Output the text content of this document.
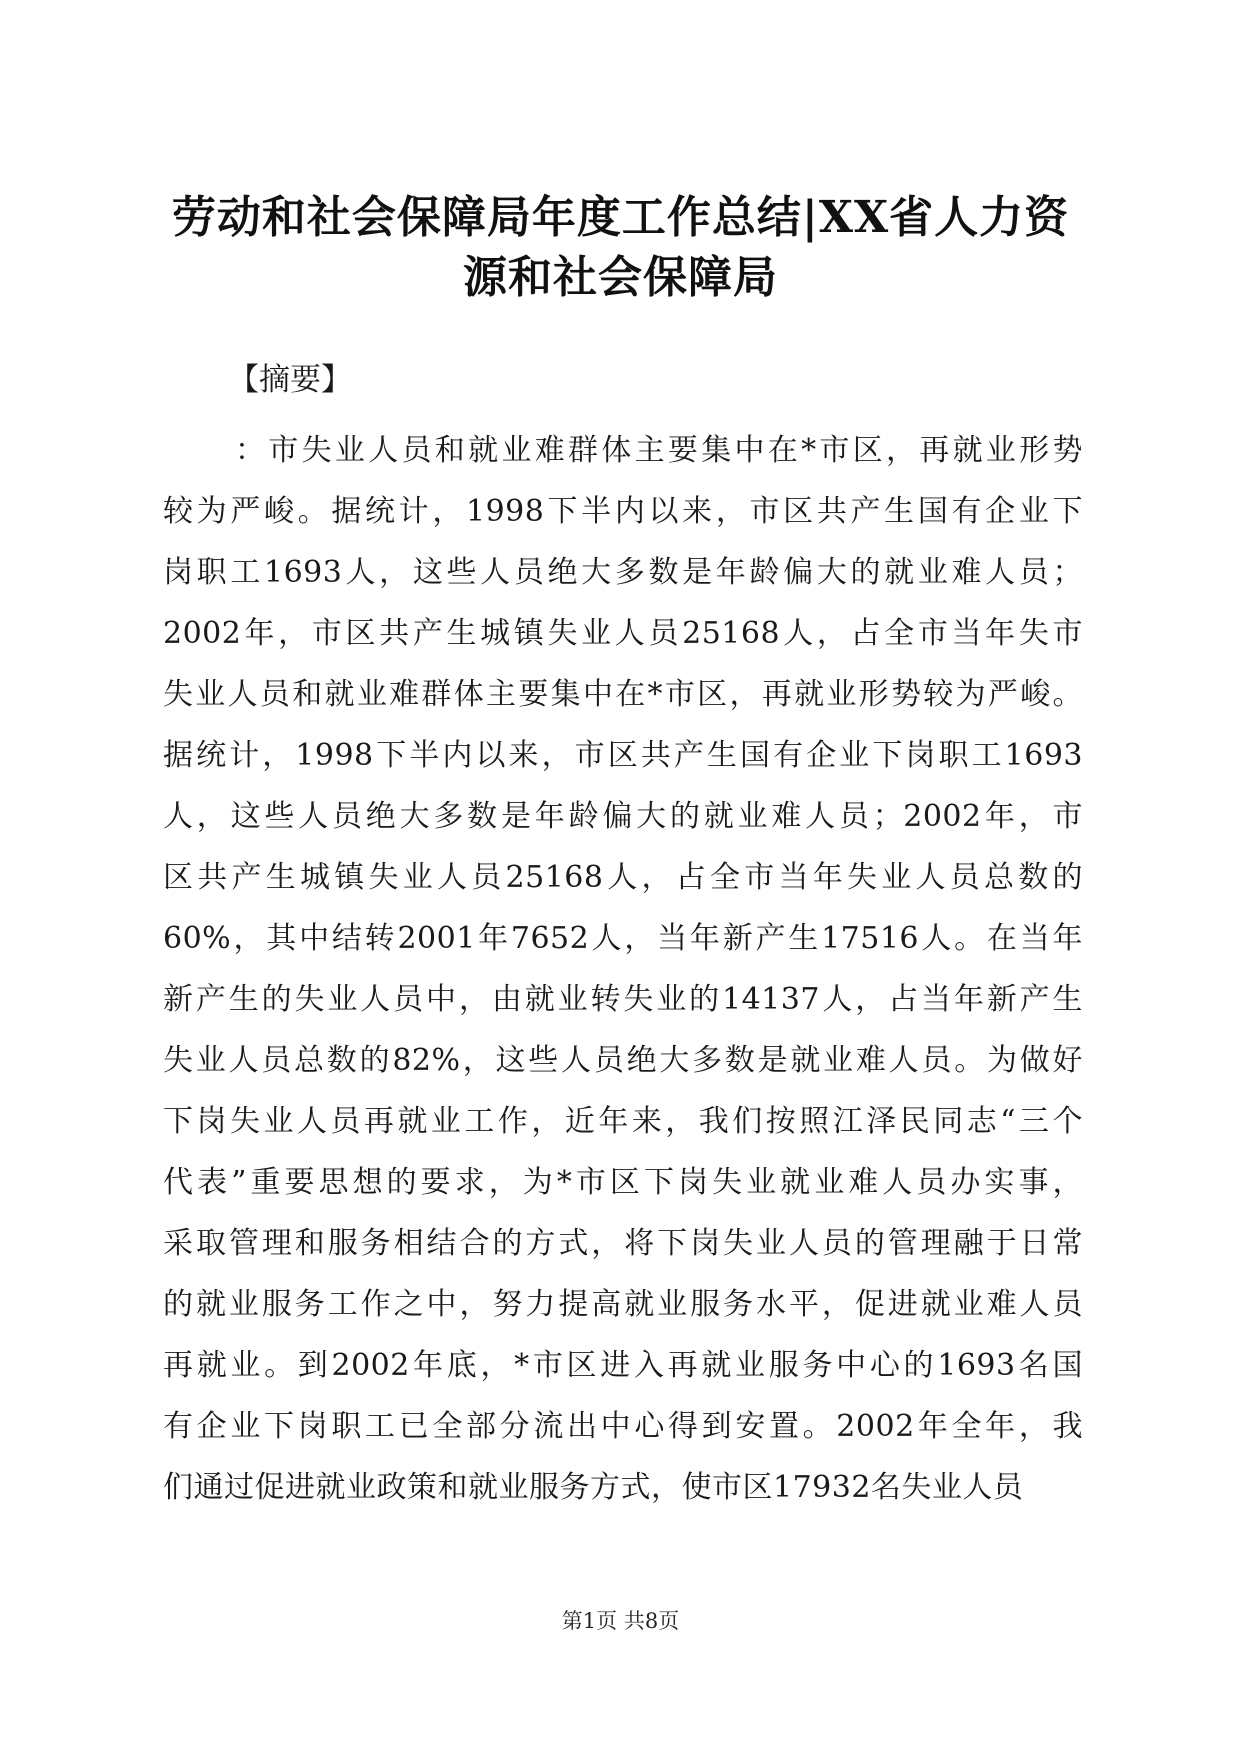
劳动和社会保障局年度工作总结|XX省人力资
源和社会保障局
【摘要】
：市失业人员和就业难群体主要集中在*市区，再就业形势
较为严峻。据统计，1998下半内以来，市区共产生国有企业下
岗职工1693人，这些人员绝大多数是年龄偏大的就业难人员；
2002年，市区共产生城镇失业人员25168人，占全市当年失市
失业人员和就业难群体主要集中在*市区，再就业形势较为严峻。
据统计，1998下半内以来，市区共产生国有企业下岗职工1693
人，这些人员绝大多数是年龄偏大的就业难人员；2002年，市
区共产生城镇失业人员25168人，占全市当年失业人员总数的
60%，其中结转2001年7652人，当年新产生17516人。在当年
新产生的失业人员中，由就业转失业的14137人，占当年新产生
失业人员总数的82%，这些人员绝大多数是就业难人员。为做好
下岗失业人员再就业工作，近年来，我们按照江泽民同志“三个
代表”重要思想的要求，为*市区下岗失业就业难人员办实事，
采取管理和服务相结合的方式，将下岗失业人员的管理融于日常
的就业服务工作之中，努力提高就业服务水平，促进就业难人员
再就业。到2002年底，*市区进入再就业服务中心的1693名国
有企业下岗职工已全部分流出中心得到安置。2002年全年，我
们通过促进就业政策和就业服务方式，使市区17932名失业人员
第1页 共8页
